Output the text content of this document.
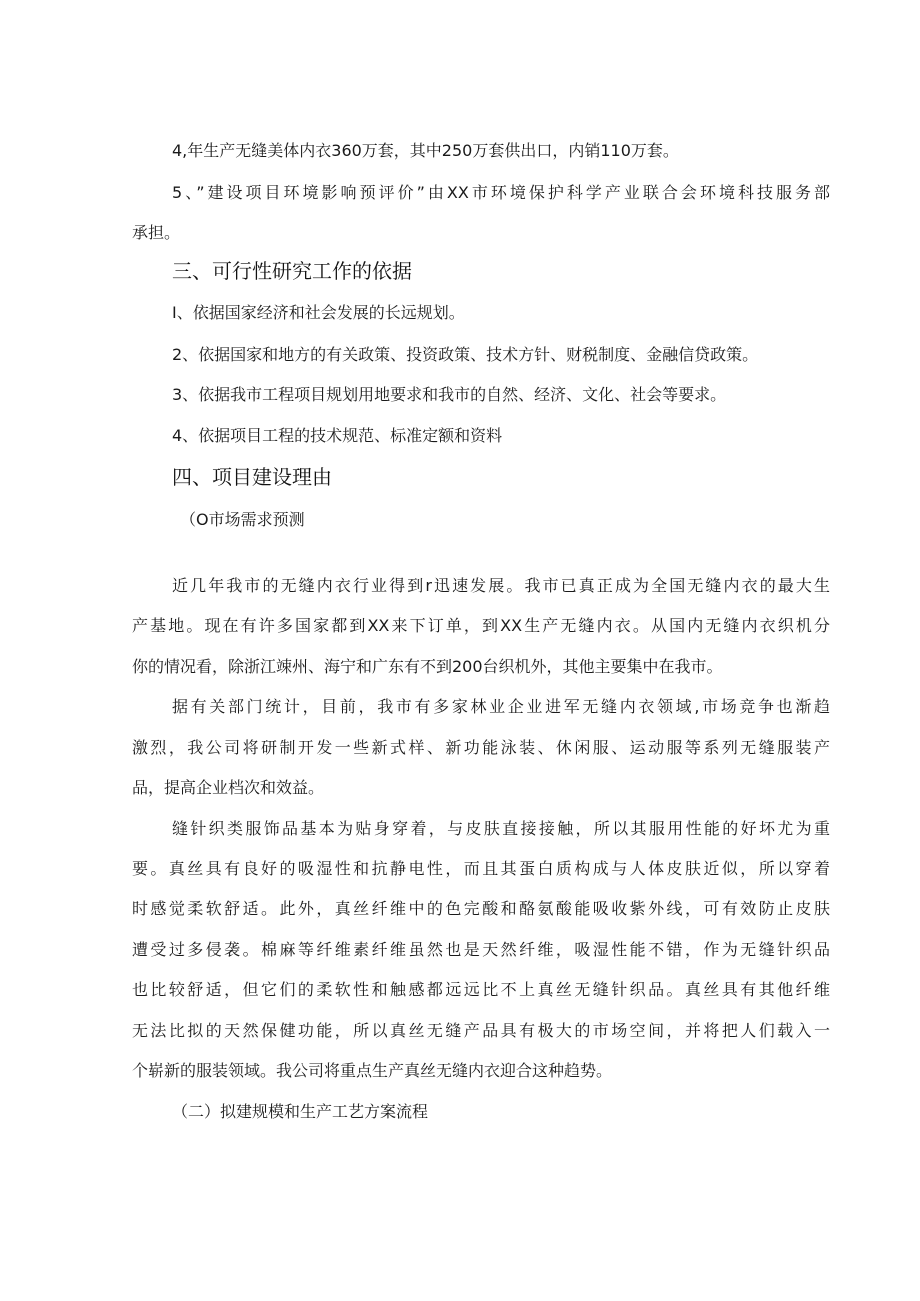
4,年生产无缝美体内衣360万套，其中250万套供出口，内销110万套。

5、”建设项目环境影响预评价”由XX市环境保护科学产业联合会环境科技服务部

承担。

三、可行性研究工作的依据

I、依据国家经济和社会发展的长远规划。

2、依据国家和地方的有关政策、投资政策、技术方针、财税制度、金融信贷政策。

3、依据我市工程项目规划用地要求和我市的自然、经济、文化、社会等要求。

4、依据项目工程的技术规范、标准定额和资料

四、项目建设理由

（O市场需求预测

近几年我市的无缝内衣行业得到r迅速发展。我市已真正成为全国无缝内衣的最大生

产基地。现在有许多国家都到XX来下订单，到XX生产无缝内衣。从国内无缝内衣织机分

你的情况看，除浙江竦州、海宁和广东有不到200台织机外，其他主要集中在我市。

据有关部门统计，目前，我市有多家林业企业进军无缝内衣领域,市场竞争也渐趋

激烈，我公司将研制开发一些新式样、新功能泳装、休闲服、运动服等系列无缝服装产

品，提高企业档次和效益。

缝针织类服饰品基本为贴身穿着，与皮肤直接接触，所以其服用性能的好坏尤为重

要。真丝具有良好的吸湿性和抗静电性，而且其蛋白质构成与人体皮肤近似，所以穿着

时感觉柔软舒适。此外，真丝纤维中的色完酸和酪氨酸能吸收紫外线，可有效防止皮肤

遭受过多侵袭。棉麻等纤维素纤维虽然也是天然纤维，吸湿性能不错，作为无缝针织品

也比较舒适，但它们的柔软性和触感都远远比不上真丝无缝针织品。真丝具有其他纤维

无法比拟的天然保健功能，所以真丝无缝产品具有极大的市场空间，并将把人们载入一

个崭新的服装领域。我公司将重点生产真丝无缝内衣迎合这种趋势。

（二）拟建规模和生产工艺方案流程
